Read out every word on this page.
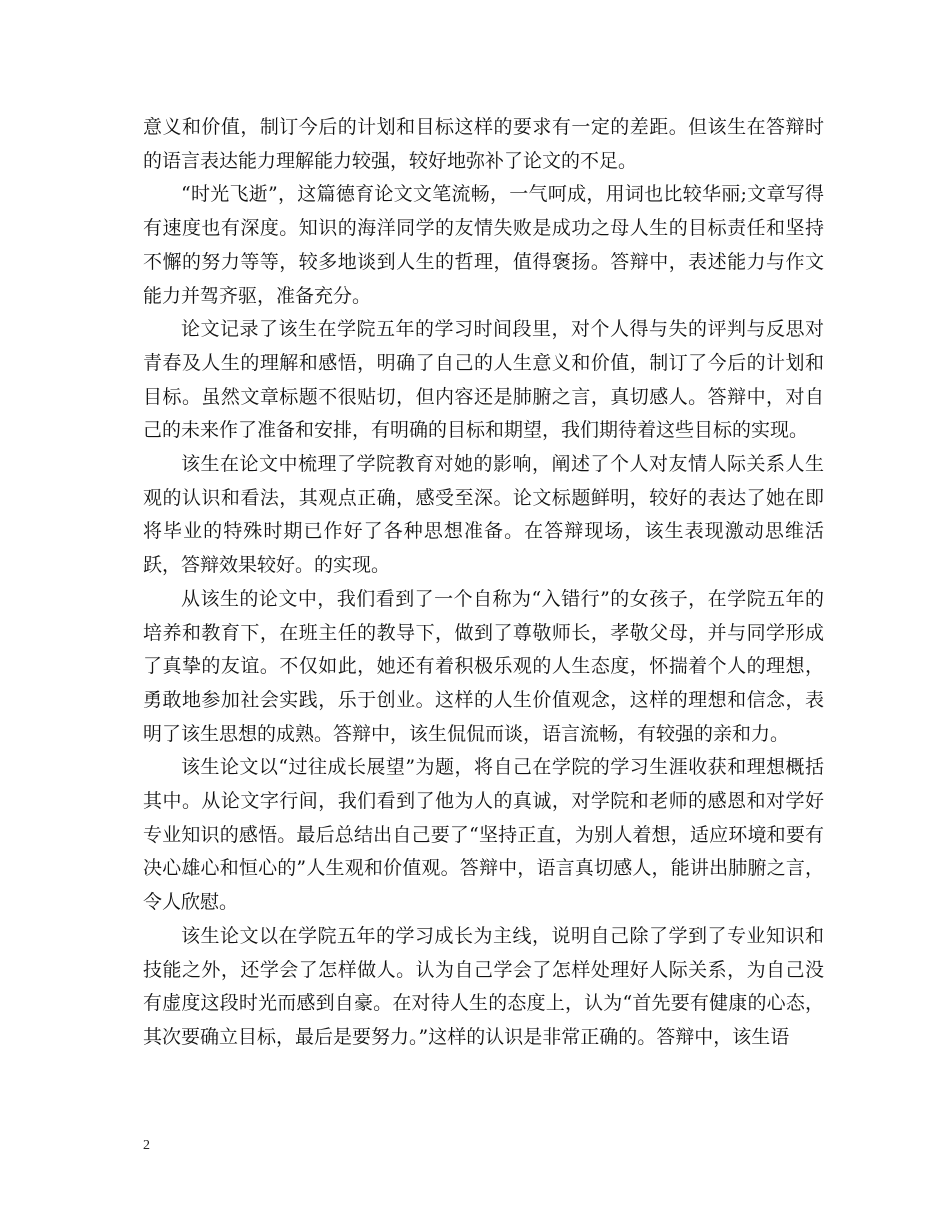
意义和价值，制订今后的计划和目标这样的要求有一定的差距。但该生在答辩时的语言表达能力理解能力较强，较好地弥补了论文的不足。

“时光飞逝”，这篇德育论文文笔流畅，一气呵成，用词也比较华丽;文章写得有速度也有深度。知识的海洋同学的友情失败是成功之母人生的目标责任和坚持不懈的努力等等，较多地谈到人生的哲理，值得褒扬。答辩中，表述能力与作文能力并驾齐驱，准备充分。

论文记录了该生在学院五年的学习时间段里，对个人得与失的评判与反思对青春及人生的理解和感悟，明确了自己的人生意义和价值，制订了今后的计划和目标。虽然文章标题不很贴切，但内容还是肺腑之言，真切感人。答辩中，对自己的未来作了准备和安排，有明确的目标和期望，我们期待着这些目标的实现。

该生在论文中梳理了学院教育对她的影响，阐述了个人对友情人际关系人生观的认识和看法，其观点正确，感受至深。论文标题鲜明，较好的表达了她在即将毕业的特殊时期已作好了各种思想准备。在答辩现场，该生表现激动思维活跃，答辩效果较好。的实现。

从该生的论文中，我们看到了一个自称为“入错行”的女孩子，在学院五年的培养和教育下，在班主任的教导下，做到了尊敬师长，孝敬父母，并与同学形成了真挚的友谊。不仅如此，她还有着积极乐观的人生态度，怀揣着个人的理想，勇敢地参加社会实践，乐于创业。这样的人生价值观念，这样的理想和信念，表明了该生思想的成熟。答辩中，该生侃侃而谈，语言流畅，有较强的亲和力。

该生论文以“过往成长展望”为题，将自己在学院的学习生涯收获和理想概括其中。从论文字行间，我们看到了他为人的真诚，对学院和老师的感恩和对学好专业知识的感悟。最后总结出自己要了“坚持正直，为别人着想，适应环境和要有决心雄心和恒心的”人生观和价值观。答辩中，语言真切感人，能讲出肺腑之言，令人欣慰。

该生论文以在学院五年的学习成长为主线，说明自己除了学到了专业知识和技能之外，还学会了怎样做人。认为自己学会了怎样处理好人际关系，为自己没有虚度这段时光而感到自豪。在对待人生的态度上，认为“首先要有健康的心态，其次要确立目标，最后是要努力。”这样的认识是非常正确的。答辩中，该生语

2
